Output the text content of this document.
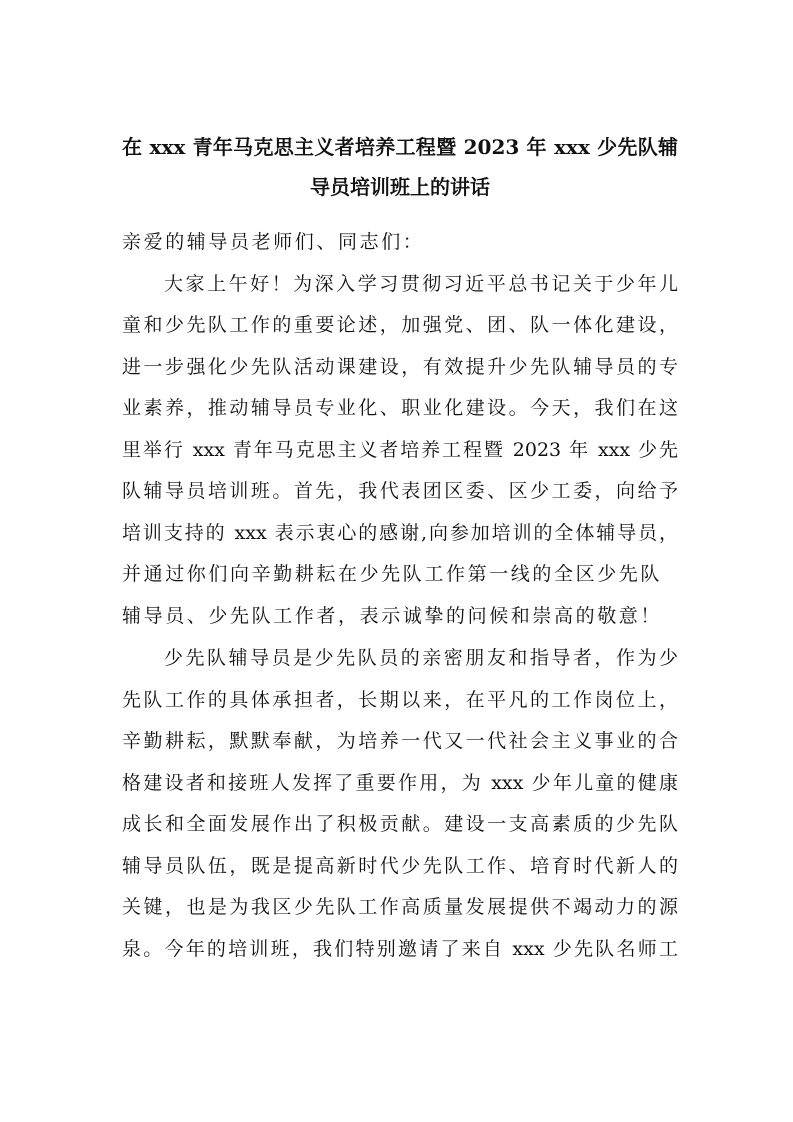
在 xxx 青年马克思主义者培养工程暨 2023 年 xxx 少先队辅
导员培训班上的讲话
亲爱的辅导员老师们、同志们：
大家上午好！为深入学习贯彻习近平总书记关于少年儿
童和少先队工作的重要论述，加强党、团、队一体化建设，
进一步强化少先队活动课建设，有效提升少先队辅导员的专
业素养，推动辅导员专业化、职业化建设。今天，我们在这
里举行 xxx 青年马克思主义者培养工程暨 2023 年 xxx 少先
队辅导员培训班。首先，我代表团区委、区少工委，向给予
培训支持的 xxx 表示衷心的感谢,向参加培训的全体辅导员，
并通过你们向辛勤耕耘在少先队工作第一线的全区少先队
辅导员、少先队工作者，表示诚挚的问候和崇高的敬意！
少先队辅导员是少先队员的亲密朋友和指导者，作为少
先队工作的具体承担者，长期以来，在平凡的工作岗位上，
辛勤耕耘，默默奉献，为培养一代又一代社会主义事业的合
格建设者和接班人发挥了重要作用，为 xxx 少年儿童的健康
成长和全面发展作出了积极贡献。建设一支高素质的少先队
辅导员队伍，既是提高新时代少先队工作、培育时代新人的
关键，也是为我区少先队工作高质量发展提供不竭动力的源
泉。今年的培训班，我们特别邀请了来自 xxx 少先队名师工
